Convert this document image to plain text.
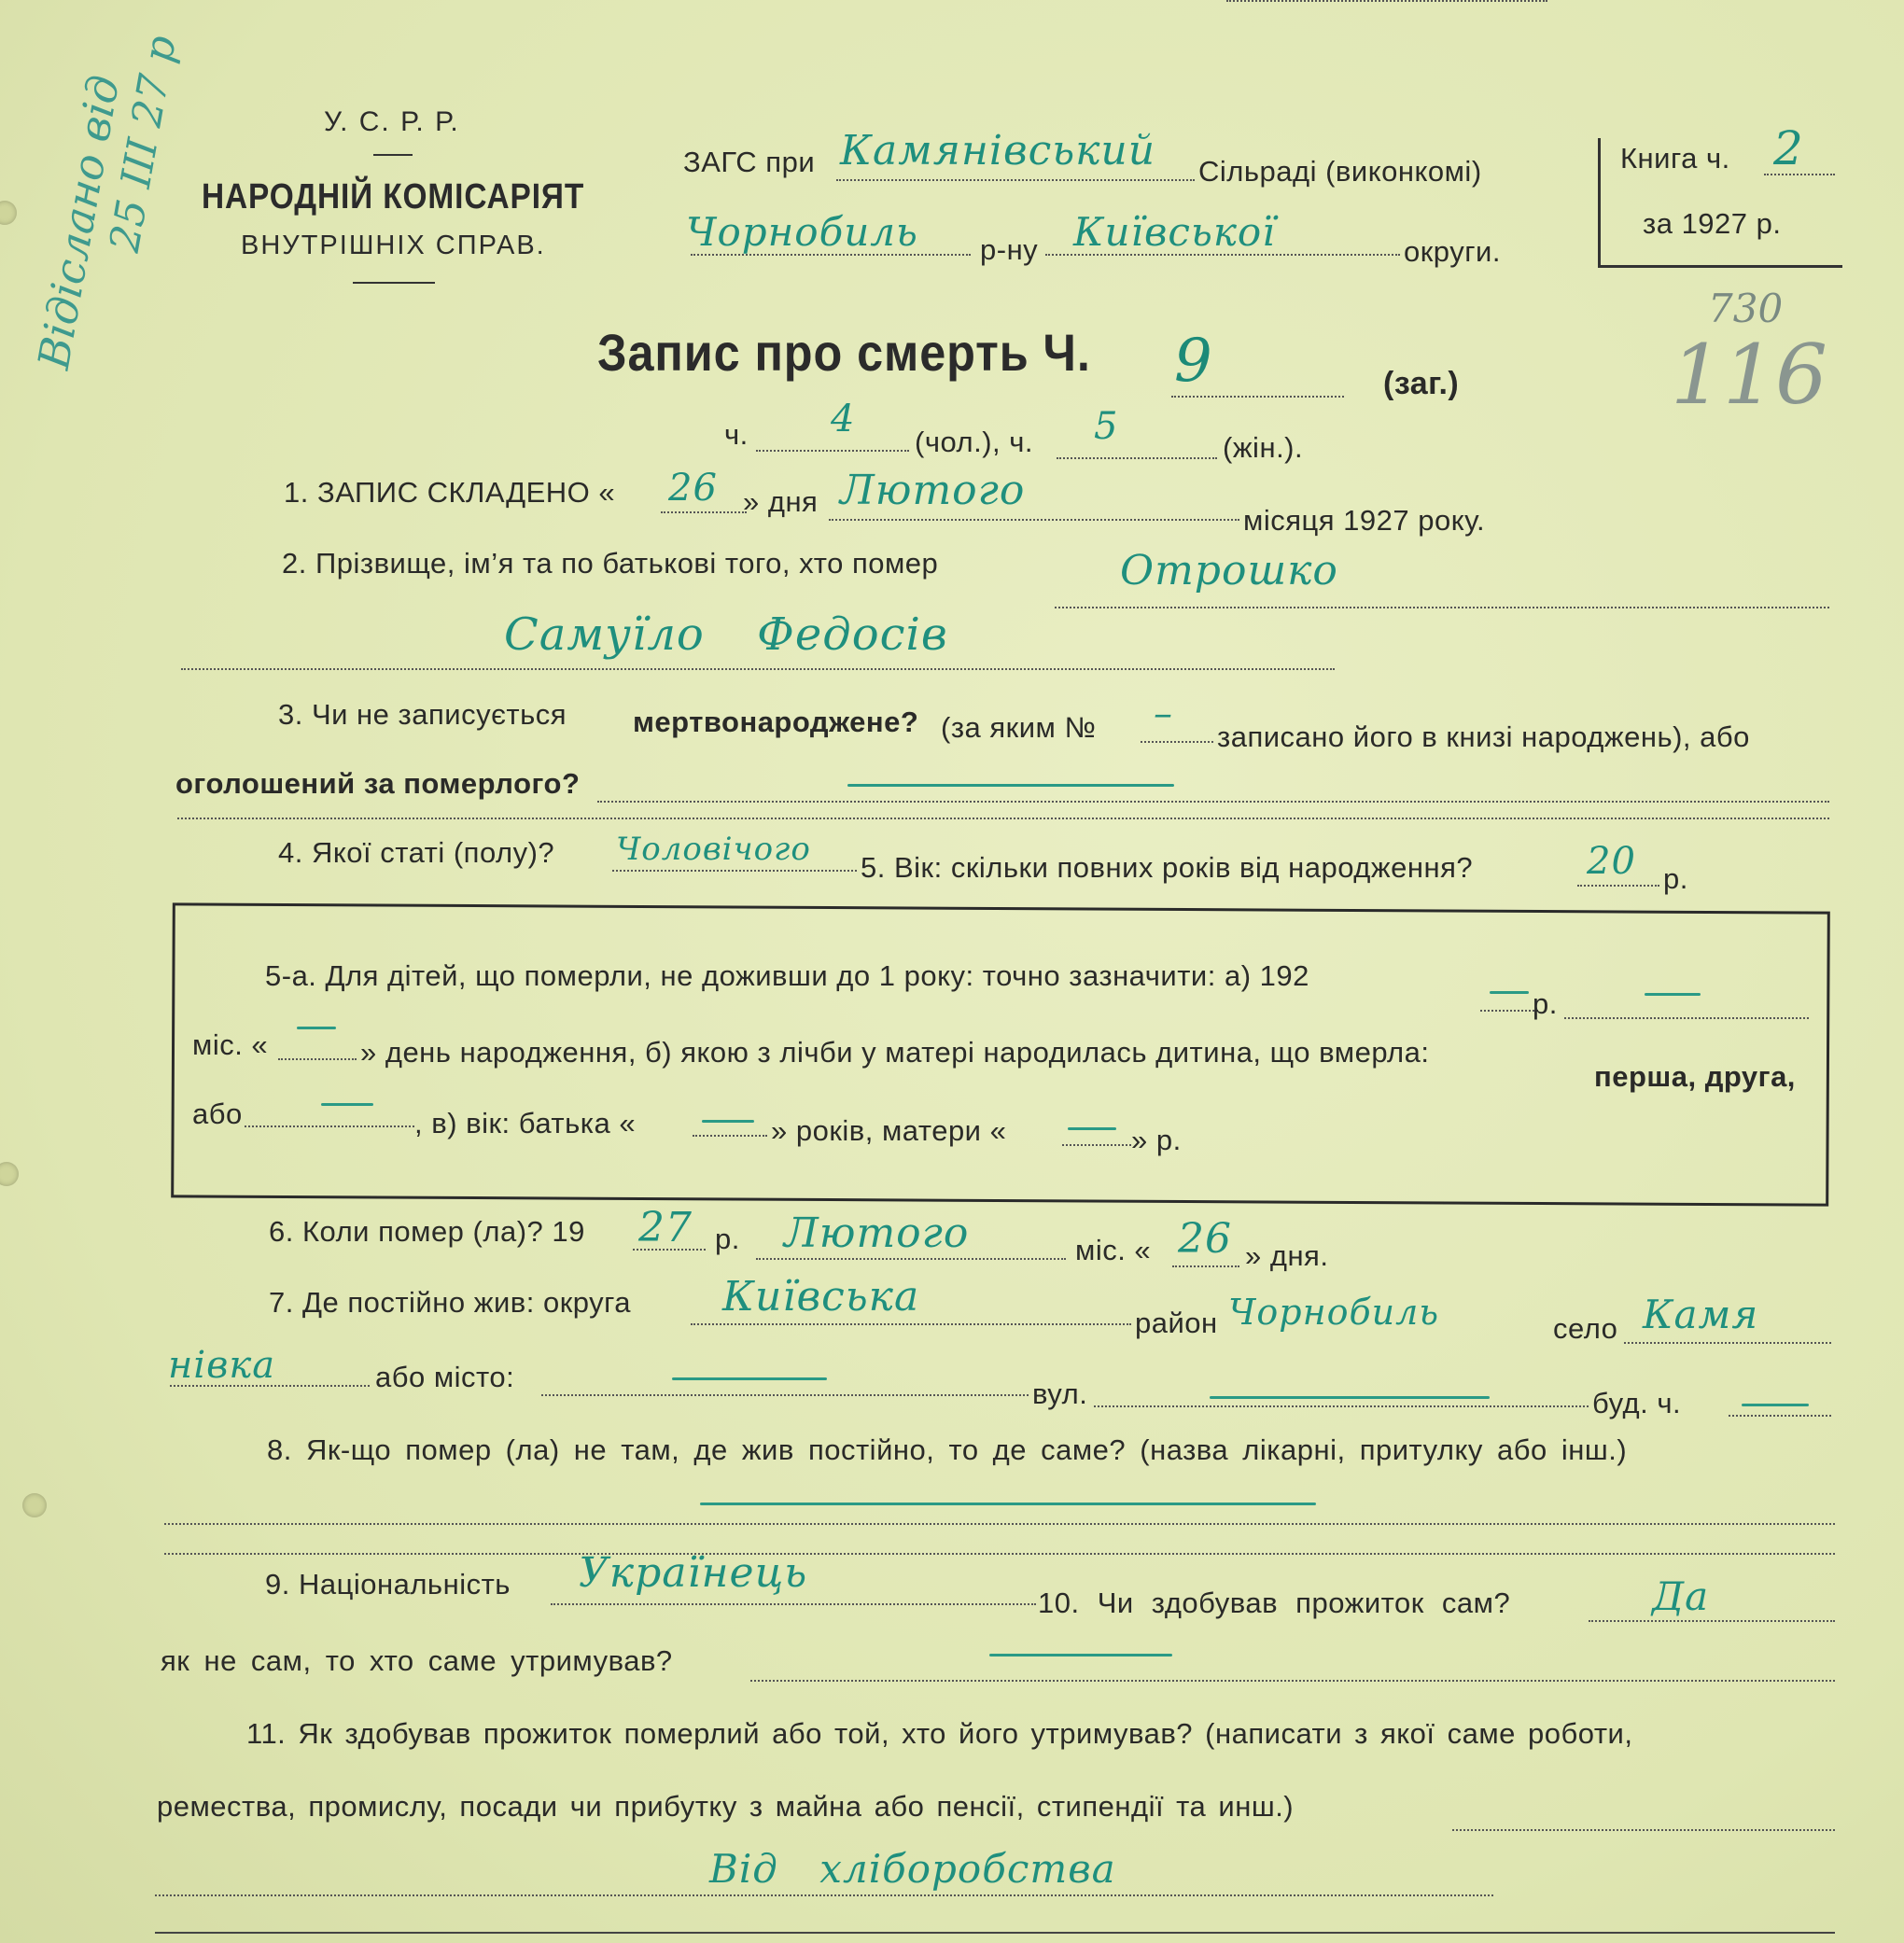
Відіслано від
25 III 27 р	У. С. Р. Р.
НАРОДНІЙ КОМІСАРІЯТ
ВНУТРІШНІХ СПРАВ.
ЗАГС при Камянівський Сільраді (виконкомі)
Чорнобиль р-ну Київської	округи.
Книга ч. 2
за 1927 р.
730
116
Запис про смерть Ч. 9	(заг.)
ч. 4
(чол.), ч. 5	(жін.).
1. ЗАПИС СКЛАДЕНО « 26 » дня Лютого
місяця 1927 року.
2. Прізвище, ім’я та по батькові того, хто помер	Отрошко
Самуїло Федосів
3. Чи не записується мертвонароджене? (за яким № –
записано його в книзі народжень), або
оголошений за померлого?
4. Якої статі (полу)? Чоловічого 5. Вік: скільки повних років від народження?	20 р.
5-а. Для дітей, що померли, не доживши до 1 року: точно зазначити: а) 192
р.
міс. «	» день народження, б) якою з лічби у матері народилась дитина, що вмерла:
перша, друга,
або	, в) вік: батька «	» років, матери «	» р.
6. Коли помер (ла)? 19 27 р. Лютого	міс. « 26 » дня.
7. Де постійно жив: округа Київська
район Чорнобиль	село Камя
нівка	або місто:
вул.	буд. ч.
8. Як-що помер (ла) не там, де жив постійно, то де саме? (назва лікарні, притулку або інш.)
9. Національність Українець
10. Чи здобував прожиток сам?	Да
як не сам, то хто саме утримував?
11. Як здобував прожиток померлий або той, хто його утримував? (написати з якої саме роботи,
ремества, промислу, посади чи прибутку з майна або пенсії, стипендії та инш.)
Від хліборобства
